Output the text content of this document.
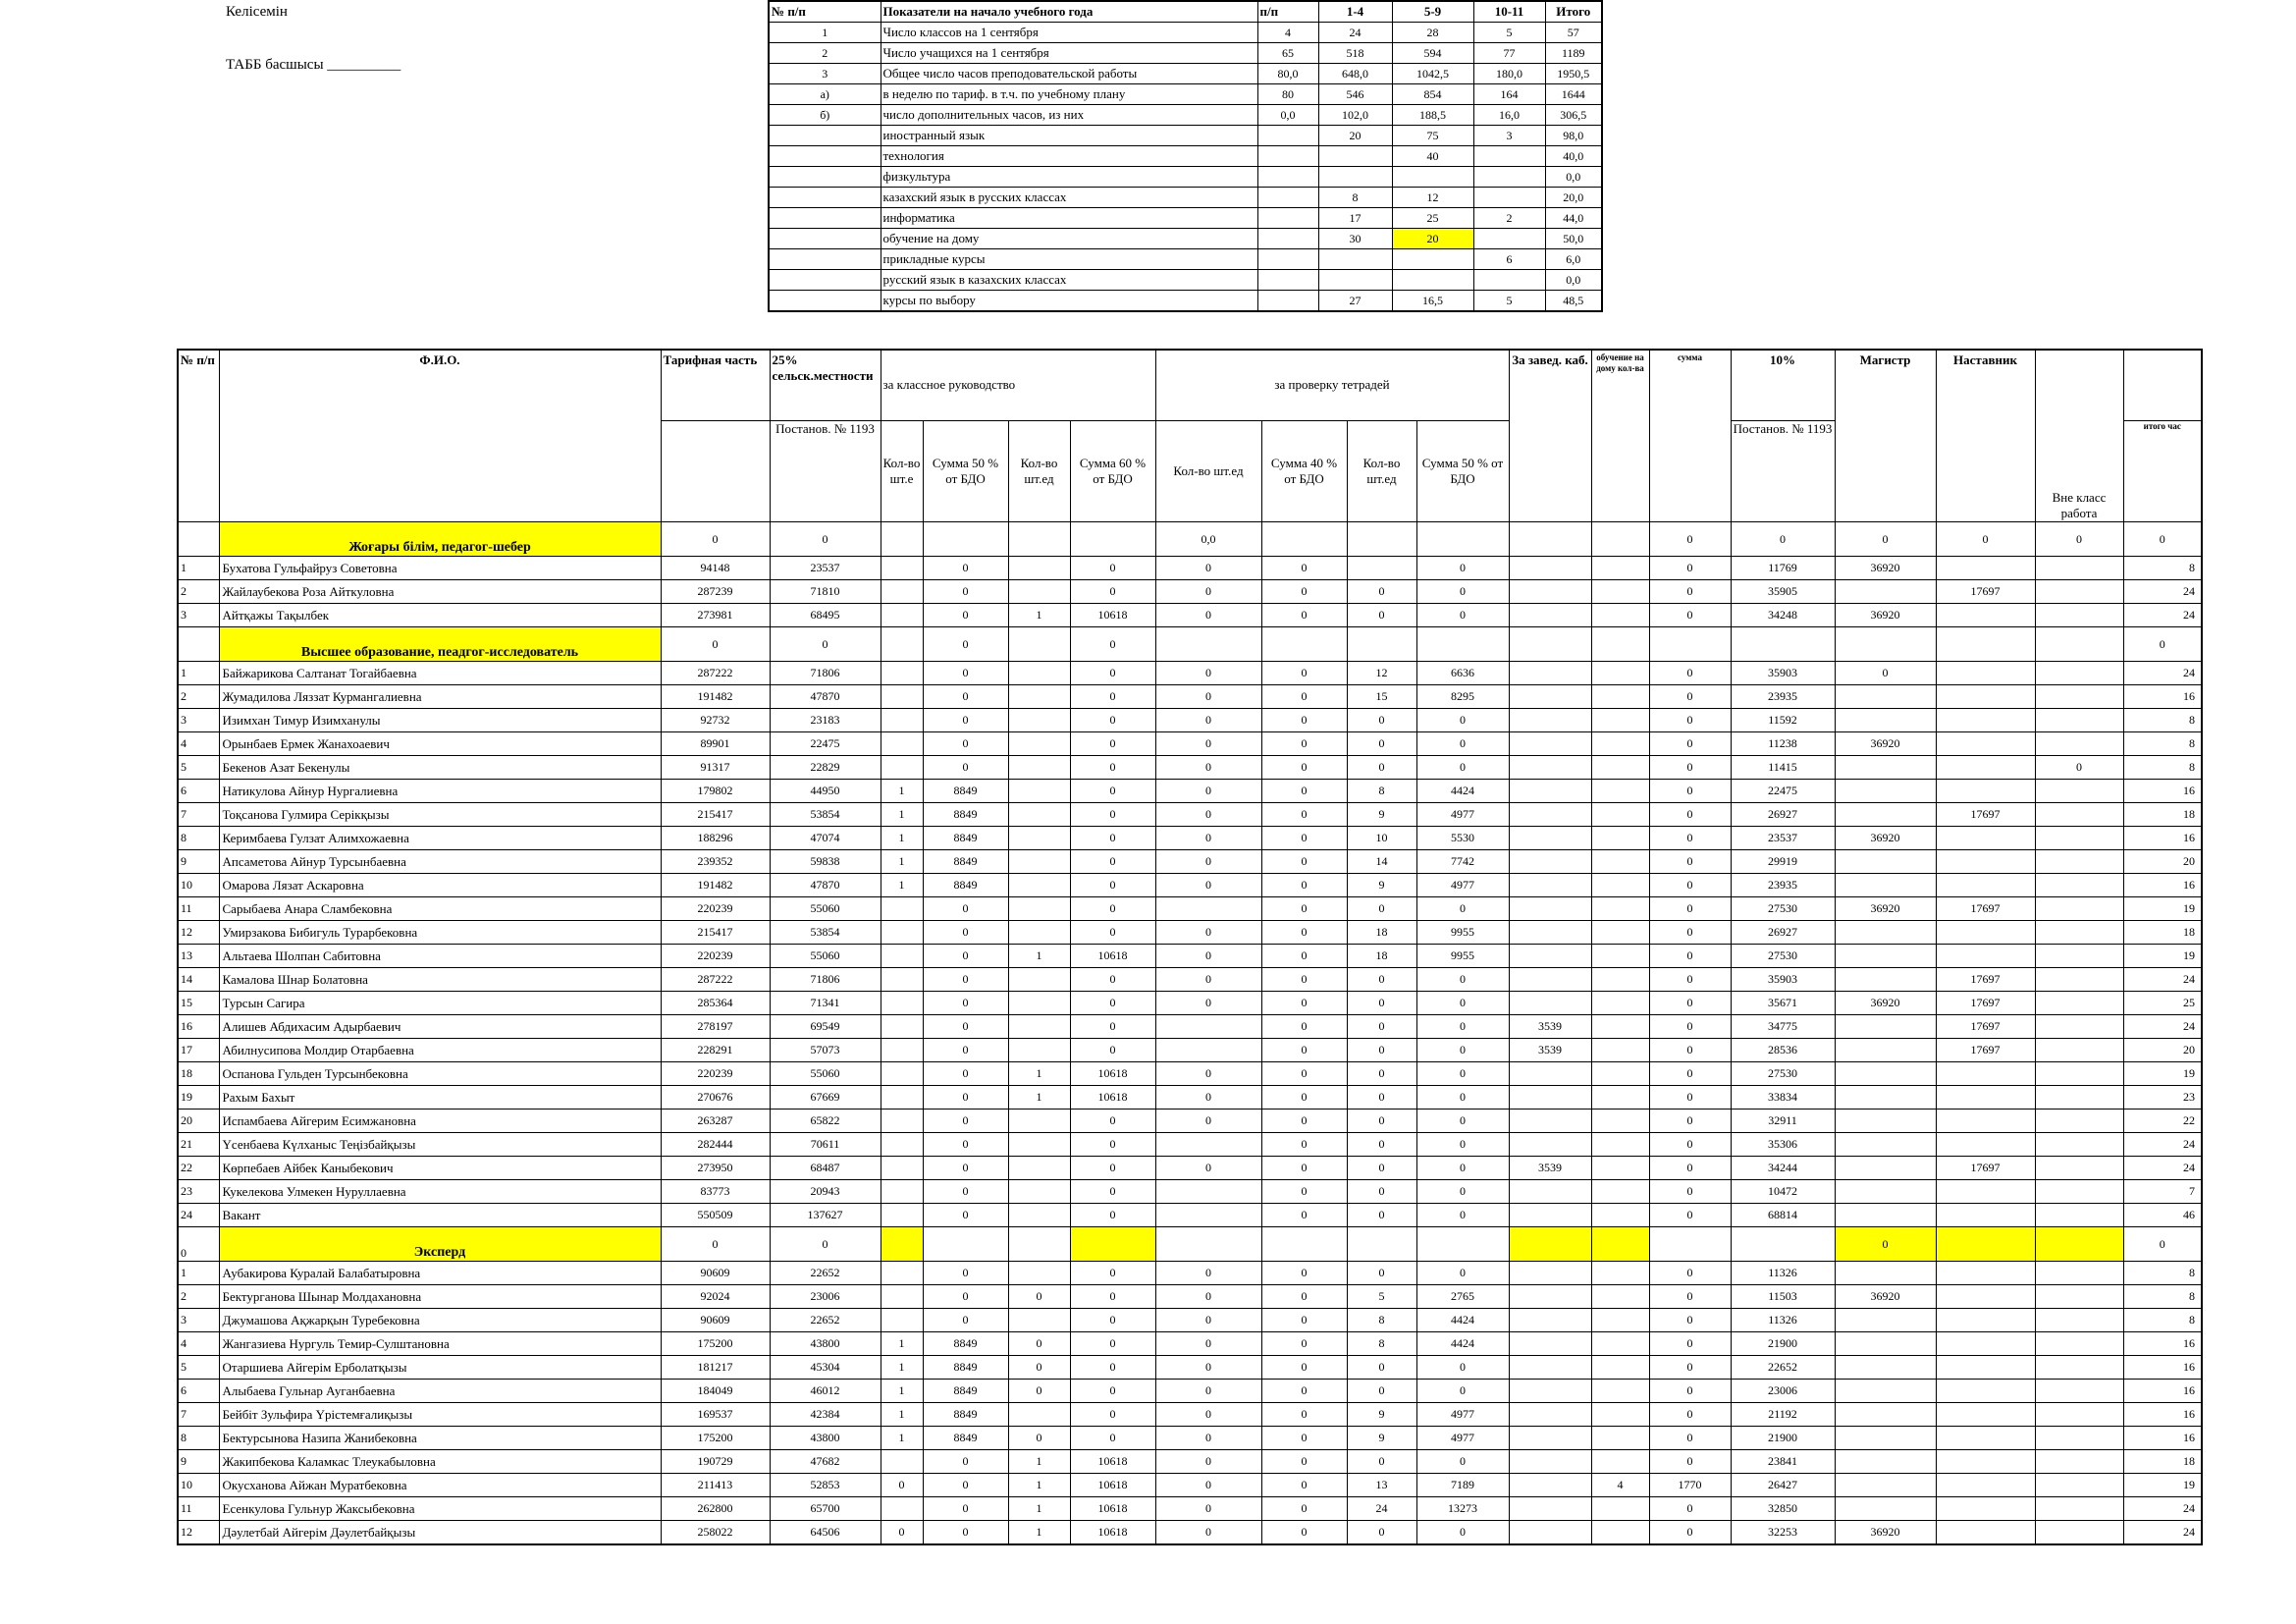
Келісемін
ТАББ басшысы __________
№ п/п	Показатели на начало учебного года	п/п	1-4	5-9	10-11	Итого
1	Число классов на 1 сентября	4	24	28	5	57
2	Число учащихся на 1 сентября	65	518	594	77	1189
3	Общее число часов преподовательской работы	80,0	648,0	1042,5	180,0	1950,5
а)	в неделю по тариф. в т.ч. по учебному плану	80	546	854	164	1644
б)	число дополнительных часов, из них	0,0	102,0	188,5	16,0	306,5
	иностранный язык		20	75	3	98,0
	технология			40		40,0
	физкультура					0,0
	казахский язык в русских классах		8	12		20,0
	информатика		17	25	2	44,0
	обучение на дому		30	20		50,0
	прикладные курсы				6	6,0
	русский язык в казахских классах					0,0
	курсы по выбору		27	16,5	5	48,5
№ п/п	Ф.И.О.	Тарифная часть	25% сельск.местности	за классное руководство				за проверку тетрадей				За завед. каб.	обучение на дому кол-ва	сумма	10%	Магистр	Наставник	Вне класс работа	
			Постанов. № 1193	Кол-во шт.е	Сумма 50 % от БДО	Кол-во шт.ед	Сумма 60 % от БДО	Кол-во шт.ед	Сумма 40 % от БДО	Кол-во шт.ед	Сумма 50 % от БДО				Постанов. № 1193				итого час
	Жоғары білім, педагог-шебер	0	0					0,0						0	0	0	0	0	0
1	Бухатова Гульфайруз Советовна	94148	23537		0		0	0	0		0			0	11769	36920			8
2	Жайлаубекова Роза Айткуловна	287239	71810		0		0	0	0	0	0			0	35905		17697		24
3	Айтқажы Тақылбек	273981	68495		0	1	10618	0	0	0	0			0	34248	36920			24
	Высшее образование, пеадгог-исследователь	0	0		0		0												0
1	Байжарикова Салтанат Тогайбаевна	287222	71806		0		0	0	0	12	6636			0	35903	0			24
2	Жумадилова Ляззат Курмангалиевна	191482	47870		0		0	0	0	15	8295			0	23935				16
3	Изимхан Тимур Изимханулы	92732	23183		0		0	0	0	0	0			0	11592				8
4	Орынбаев Ермек Жанахоаевич	89901	22475		0		0	0	0	0	0			0	11238	36920			8
5	Бекенов Азат Бекенулы	91317	22829		0		0	0	0	0	0			0	11415			0	8
6	Натикулова Айнур Нургалиевна	179802	44950	1	8849		0	0	0	8	4424			0	22475				16
7	Тоқсанова Гулмира Серікқызы	215417	53854	1	8849		0	0	0	9	4977			0	26927		17697		18
8	Керимбаева Гулзат Алимхожаевна	188296	47074	1	8849		0	0	0	10	5530			0	23537	36920			16
9	Апсаметова Айнур Турсынбаевна	239352	59838	1	8849		0	0	0	14	7742			0	29919				20
10	Омарова Лязат Аскаровна	191482	47870	1	8849		0	0	0	9	4977			0	23935				16
11	Сарыбаева Анара Сламбековна	220239	55060		0		0		0	0	0			0	27530	36920	17697		19
12	Умирзакова Бибигуль Турарбековна	215417	53854		0		0	0	0	18	9955			0	26927				18
13	Альтаева Шолпан Сабитовна	220239	55060		0	1	10618	0	0	18	9955			0	27530				19
14	Камалова Шнар Болатовна	287222	71806		0		0	0	0	0	0			0	35903		17697		24
15	Турсын Сагира	285364	71341		0		0	0	0	0	0			0	35671	36920	17697		25
16	Алишев Абдихасим Адырбаевич	278197	69549		0		0		0	0	0	3539		0	34775		17697		24
17	Абилнусипова Молдир Отарбаевна	228291	57073		0		0		0	0	0	3539		0	28536		17697		20
18	Оспанова Гульден Турсынбековна	220239	55060		0	1	10618	0	0	0	0			0	27530				19
19	Рахым Бахыт	270676	67669		0	1	10618	0	0	0	0			0	33834				23
20	Испамбаева Айгерим Есимжановна	263287	65822		0		0	0	0	0	0			0	32911				22
21	Үсенбаева Күлханыс Теңізбайқызы	282444	70611		0		0		0	0	0			0	35306				24
22	Көрпебаев Айбек Каныбекович	273950	68487		0		0	0	0	0	0	3539		0	34244		17697		24
23	Кукелекова Улмекен Нуруллаевна	83773	20943		0		0		0	0	0			0	10472				7
24	Вакант	550509	137627		0		0		0	0	0			0	68814				46
0	Эксперд	0	0													0			0
1	Аубакирова Куралай Балабатыровна	90609	22652		0		0	0	0	0	0			0	11326				8
2	Бектурганова Шынар Молдахановна	92024	23006		0	0	0	0	0	5	2765			0	11503	36920			8
3	Джумашова Ақжарқын Туребековна	90609	22652		0		0	0	0	8	4424			0	11326				8
4	Жангазиева Нургуль Темир-Сулштановна	175200	43800	1	8849	0	0	0	0	8	4424			0	21900				16
5	Отаршиева Айгерім Ерболатқызы	181217	45304	1	8849	0	0	0	0	0	0			0	22652				16
6	Алыбаева Гульнар Ауганбаевна	184049	46012	1	8849	0	0	0	0	0	0			0	23006				16
7	Бейбіт Зульфира Үрістемғалиқызы	169537	42384	1	8849		0	0	0	9	4977			0	21192				16
8	Бектурсынова Назипа Жанибековна	175200	43800	1	8849	0	0	0	0	9	4977			0	21900				16
9	Жакипбекова Каламкас Тлеукабыловна	190729	47682		0	1	10618	0	0	0	0			0	23841				18
10	Окусханова Айжан Муратбековна	211413	52853	0	0	1	10618	0	0	13	7189		4	1770	26427				19
11	Есенкулова Гульнур Жаксыбековна	262800	65700		0	1	10618	0	0	24	13273			0	32850				24
12	Дәулетбай Айгерім Дәулетбайқызы	258022	64506	0	0	1	10618	0	0	0	0			0	32253	36920			24
